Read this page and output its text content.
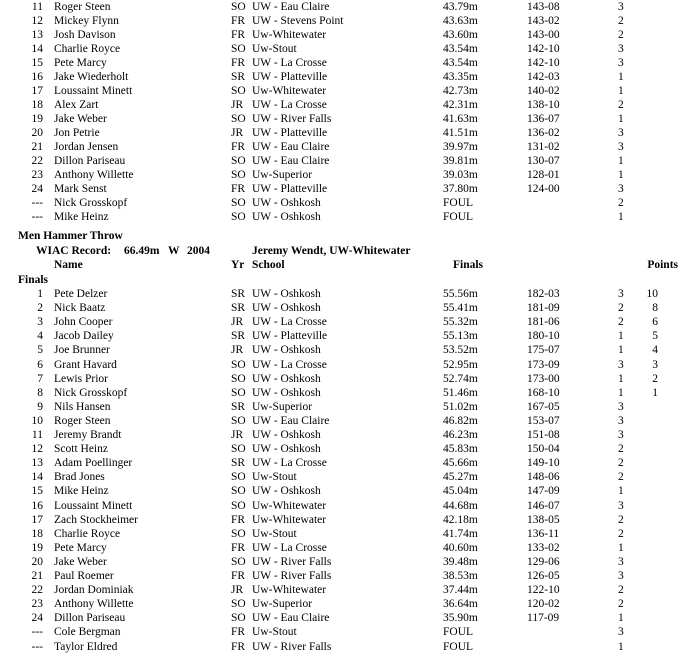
11 Roger Steen	SO UW - Eau Claire	43.79m	143-08	3
12 Mickey Flynn	FR UW - Stevens Point	43.63m	143-02	2
13 Josh Davison	FR Uw-Whitewater	43.60m	143-00	2
14 Charlie Royce	SO Uw-Stout	43.54m	142-10	3
15 Pete Marcy	FR UW - La Crosse	43.54m	142-10	3
16 Jake Wiederholt	SR UW - Platteville	43.35m	142-03	1
17 Loussaint Minett	SO Uw-Whitewater	42.73m	140-02	1
18 Alex Zart	JR UW - La Crosse	42.31m	138-10	2
19 Jake Weber	SO UW - River Falls	41.63m	136-07	1
20 Jon Petrie	JR UW - Platteville	41.51m	136-02	3
21 Jordan Jensen	FR UW - Eau Claire	39.97m	131-02	3
22 Dillon Pariseau	SO UW - Eau Claire	39.81m	130-07	1
23 Anthony Willette	SO Uw-Superior	39.03m	128-01	1
24 Mark Senst	FR UW - Platteville	37.80m	124-00	3
--- Nick Grosskopf	SO UW - Oshkosh	FOUL	2
--- Mike Heinz	SO UW - Oshkosh	FOUL	1
Men Hammer Throw
WIAC Record: 66.49m W 2004	Jeremy Wendt, UW-Whitewater
Name	Yr School	Finals	Points
Finals
1 Pete Delzer	SR UW - Oshkosh	55.56m	182-03	3 10
2 Nick Baatz	SR UW - Oshkosh	55.41m	181-09	2 8
3 John Cooper	JR UW - La Crosse	55.32m	181-06	2 6
4 Jacob Dailey	SR UW - Platteville	55.13m	180-10	1 5
5 Joe Brunner	JR UW - Oshkosh	53.52m	175-07	1 4
6 Grant Havard	SO UW - La Crosse	52.95m	173-09	3 3
7 Lewis Prior	SO UW - Oshkosh	52.74m	173-00	1 2
8 Nick Grosskopf	SO UW - Oshkosh	51.46m	168-10	1 1
9 Nils Hansen	SR Uw-Superior	51.02m	167-05	3
10 Roger Steen	SO UW - Eau Claire	46.82m	153-07	3
11 Jeremy Brandt	JR UW - Oshkosh	46.23m	151-08	3
12 Scott Heinz	SO UW - Oshkosh	45.83m	150-04	2
13 Adam Poellinger	SR UW - La Crosse	45.66m	149-10	2
14 Brad Jones	SO Uw-Stout	45.27m	148-06	2
15 Mike Heinz	SO UW - Oshkosh	45.04m	147-09	1
16 Loussaint Minett	SO Uw-Whitewater	44.68m	146-07	3
17 Zach Stockheimer	FR Uw-Whitewater	42.18m	138-05	2
18 Charlie Royce	SO Uw-Stout	41.74m	136-11	2
19 Pete Marcy	FR UW - La Crosse	40.60m	133-02	1
20 Jake Weber	SO UW - River Falls	39.48m	129-06	3
21 Paul Roemer	FR UW - River Falls	38.53m	126-05	3
22 Jordan Dominiak	JR Uw-Whitewater	37.44m	122-10	2
23 Anthony Willette	SO Uw-Superior	36.64m	120-02	2
24 Dillon Pariseau	SO UW - Eau Claire	35.90m	117-09	1
--- Cole Bergman	FR Uw-Stout	FOUL	3
--- Taylor Eldred	FR UW - River Falls	FOUL	1
